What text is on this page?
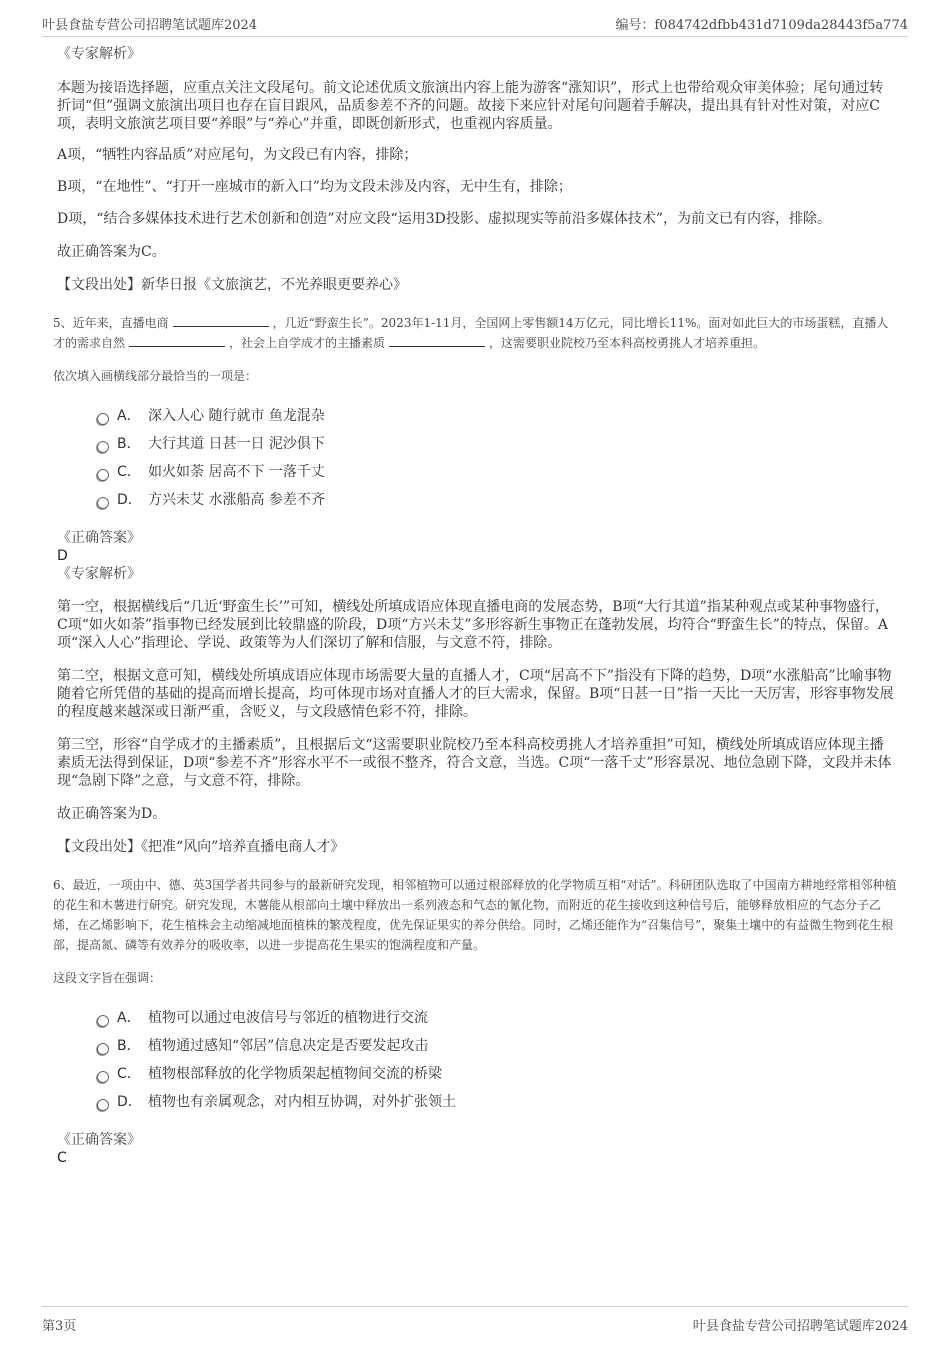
叶县食盐专营公司招聘笔试题库2024	编号：f084742dfbb431d7109da28443f5a774

《专家解析》

本题为接语选择题，应重点关注文段尾句。前文论述优质文旅演出内容上能为游客“涨知识”，形式上也带给观众审美体验；尾句通过转折词“但”强调文旅演出项目也存在盲目跟风，品质参差不齐的问题。故接下来应针对尾句问题着手解决，提出具有针对性对策，对应C项，表明文旅演艺项目要“养眼”与“养心”并重，即既创新形式，也重视内容质量。

A项，“牺牲内容品质”对应尾句，为文段已有内容，排除；

B项，“在地性”、“打开一座城市的新入口”均为文段未涉及内容，无中生有，排除；

D项，“结合多媒体技术进行艺术创新和创造”对应文段“运用3D投影、虚拟现实等前沿多媒体技术”，为前文已有内容，排除。

故正确答案为C。

【文段出处】新华日报《文旅演艺，不光养眼更要养心》

5、近年来，直播电商	，几近“野蛮生长”。2023年1-11月，全国网上零售额14万亿元，同比增长11%。面对如此巨大的市场蛋糕，直播人才的需求自然	，社会上自学成才的主播素质	，这需要职业院校乃至本科高校勇挑人才培养重担。

依次填入画横线部分最恰当的一项是：

A． 深入人心 随行就市 鱼龙混杂
B． 大行其道 日甚一日 泥沙俱下
C． 如火如荼 居高不下 一落千丈
D． 方兴未艾 水涨船高 参差不齐

《正确答案》

D

《专家解析》

第一空，根据横线后“几近‘野蛮生长’”可知，横线处所填成语应体现直播电商的发展态势，B项“大行其道”指某种观点或某种事物盛行，C项“如火如荼”指事物已经发展到比较鼎盛的阶段，D项“方兴未艾”多形容新生事物正在蓬勃发展，均符合“野蛮生长”的特点，保留。A项“深入人心”指理论、学说、政策等为人们深切了解和信服，与文意不符，排除。

第二空，根据文意可知，横线处所填成语应体现市场需要大量的直播人才，C项“居高不下”指没有下降的趋势，D项“水涨船高”比喻事物随着它所凭借的基础的提高而增长提高，均可体现市场对直播人才的巨大需求，保留。B项“日甚一日”指一天比一天厉害，形容事物发展的程度越来越深或日渐严重，含贬义，与文段感情色彩不符，排除。

第三空，形容“自学成才的主播素质”，且根据后文“这需要职业院校乃至本科高校勇挑人才培养重担”可知，横线处所填成语应体现主播素质无法得到保证，D项“参差不齐”形容水平不一或很不整齐，符合文意，当选。C项“一落千丈”形容景况、地位急剧下降，文段并未体现“急剧下降”之意，与文意不符，排除。

故正确答案为D。

【文段出处】《把准“风向”培养直播电商人才》

6、最近，一项由中、德、英3国学者共同参与的最新研究发现，相邻植物可以通过根部释放的化学物质互相“对话”。科研团队选取了中国南方耕地经常相邻种植的花生和木薯进行研究。研究发现，木薯能从根部向土壤中释放出一系列液态和气态的氰化物，而附近的花生接收到这种信号后，能够释放相应的气态分子乙烯，在乙烯影响下，花生植株会主动缩减地面植株的繁茂程度，优先保证果实的养分供给。同时，乙烯还能作为“召集信号”，聚集土壤中的有益微生物到花生根部，提高氮、磷等有效养分的吸收率，以进一步提高花生果实的饱满程度和产量。

这段文字旨在强调：

A． 植物可以通过电波信号与邻近的植物进行交流
B． 植物通过感知“邻居”信息决定是否要发起攻击
C． 植物根部释放的化学物质架起植物间交流的桥梁
D． 植物也有亲属观念，对内相互协调，对外扩张领土

《正确答案》

C

第3页	叶县食盐专营公司招聘笔试题库2024
